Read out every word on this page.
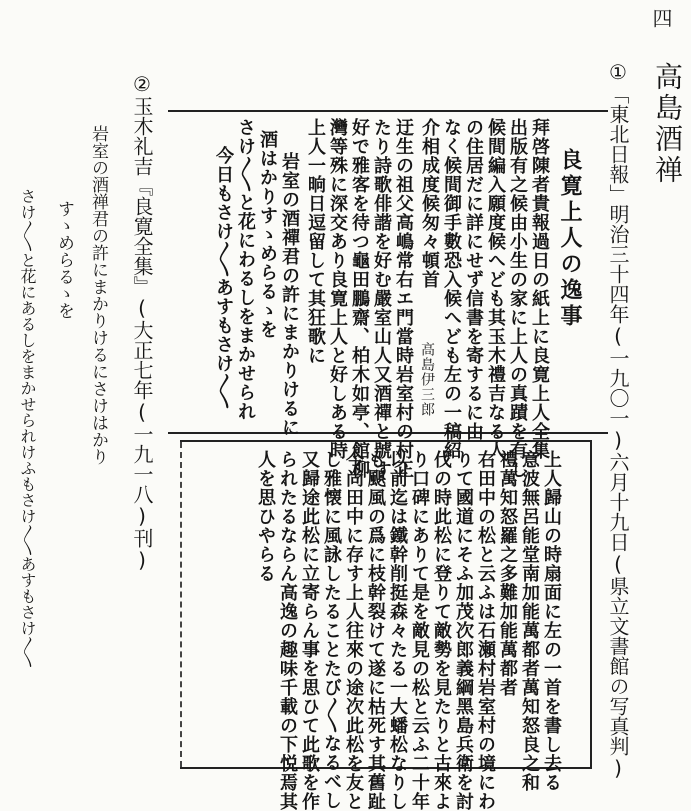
四
高島酒禅
①「東北日報」明治三十四年(一九〇一)六月十九日(県立文書館の写真判)
良寛上人の逸事
高島伊三郎	拜啓陳者貴報過日の紙上に良寛上人全集
出版有之候由小生の家に上人の真蹟を有し
候間編入願度候へども其玉木禮吉なる人
の住居だに詳にせず信書を寄するに由
なく候間御手數恐入候へども左の一稿紹
介相成度候匆々頓首
迂生の祖父高嶋常右エ門當時岩室村の村正
たり詩歌俳諧を好む嚴室山人又酒禪と號す
好で雅客を待つ龜田鵬齋、柏木如亭、館柳
灣等殊に深交あり良寛上人と好しある時
上人一晌日逗留して其狂歌に
岩室の酒禪君の許にまかりけるに
酒はかりすゝめらるゝを
さけ〳〵と花にわるしをまかせられ
今日もさけ〳〵あすもさけ〳〵
上人歸山の時扇面に左の一首を書し去る
意波無呂能堂南加能萬都者萬知怒良之和
禮萬知怒羅之多難加能萬都者
右田中の松と云ふは石瀬村岩室村の境にわ
りて國道にそふ加茂次郎義綱黑島兵衛を討
伐の時此松に登りて敵勢を見たりと古來よ
り口碑にありて是を敵見の松と云ふ二十年
以前迄は鐵幹削挺森々たる一大蟠松なりし
も颶風の爲に枝幹裂けて遂に枯死す其舊趾
今尚田中に存す上人往來の途次此松を友と
し雅懐に風詠したることたび〳〵なるべし
又歸途此松に立寄らん事を思ひて此歌を作
られたるならん高逸の趣味千載の下悦焉其
人を思ひやらる
②玉木礼吉『良寛全集』(大正七年(一九一八)刊)
岩室の酒禅君の許にまかりけるにさけはかり
すゝめらるゝを
さけ〳〵と花にあるしをまかせられけふもさけ〳〵あすもさけ〳〵
